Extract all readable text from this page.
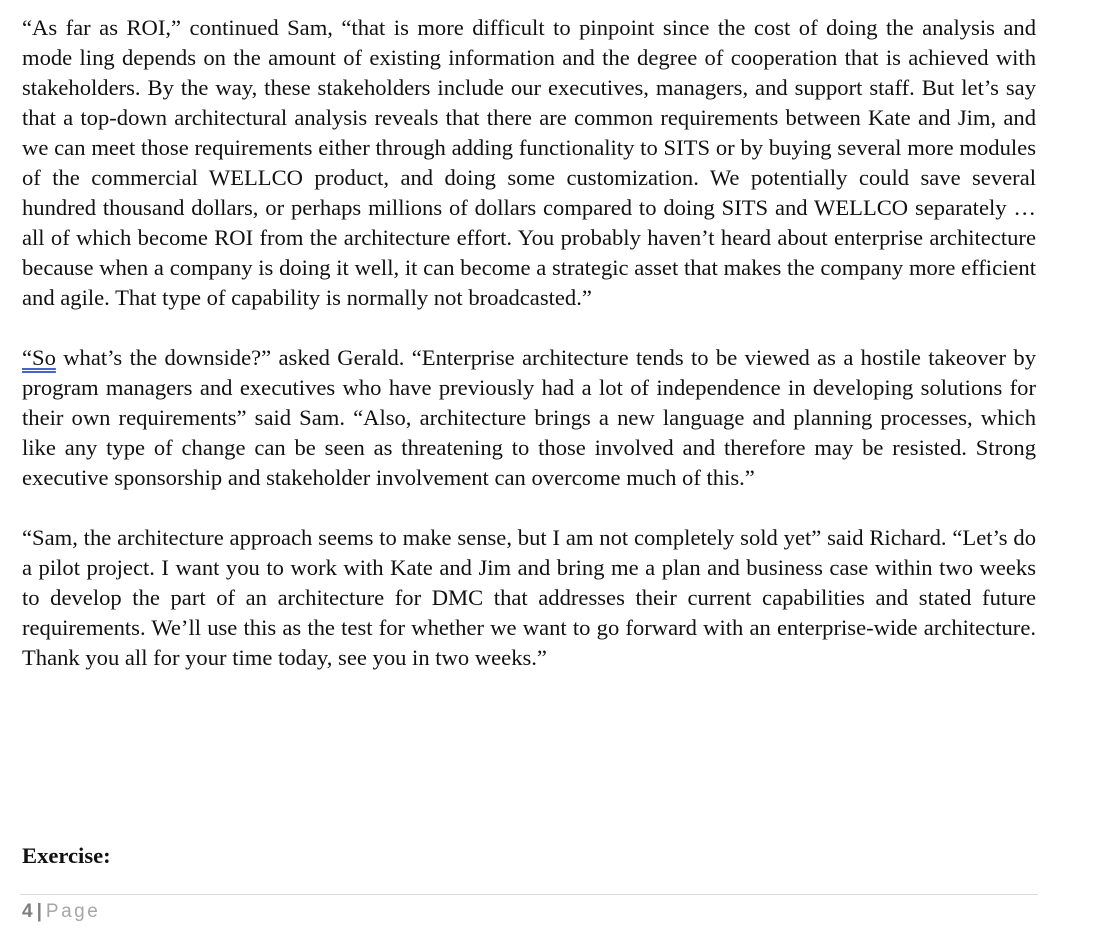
“As far as ROI,” continued Sam, “that is more difficult to pinpoint since the cost of doing the analysis and mode ling depends on the amount of existing information and the degree of cooperation that is achieved with stakeholders. By the way, these stakeholders include our executives, managers, and support staff. But let’s say that a top-down architectural analysis reveals that there are common requirements between Kate and Jim, and we can meet those requirements either through adding functionality to SITS or by buying several more modules of the commercial WELLCO product, and doing some customization. We potentially could save several hundred thousand dollars, or perhaps millions of dollars compared to doing SITS and WELLCO separately … all of which become ROI from the architecture effort. You probably haven’t heard about enterprise architecture because when a company is doing it well, it can become a strategic asset that makes the company more efficient and agile. That type of capability is normally not broadcasted.”

“So what’s the downside?” asked Gerald. “Enterprise architecture tends to be viewed as a hostile takeover by program managers and executives who have previously had a lot of independence in developing solutions for their own requirements” said Sam. “Also, architecture brings a new language and planning processes, which like any type of change can be seen as threatening to those involved and therefore may be resisted. Strong executive sponsorship and stakeholder involvement can overcome much of this.”

“Sam, the architecture approach seems to make sense, but I am not completely sold yet” said Richard. “Let’s do a pilot project. I want you to work with Kate and Jim and bring me a plan and business case within two weeks to develop the part of an architecture for DMC that addresses their current capabilities and stated future requirements. We’ll use this as the test for whether we want to go forward with an enterprise-wide architecture. Thank you all for your time today, see you in two weeks.”

Exercise:

4 | Page
